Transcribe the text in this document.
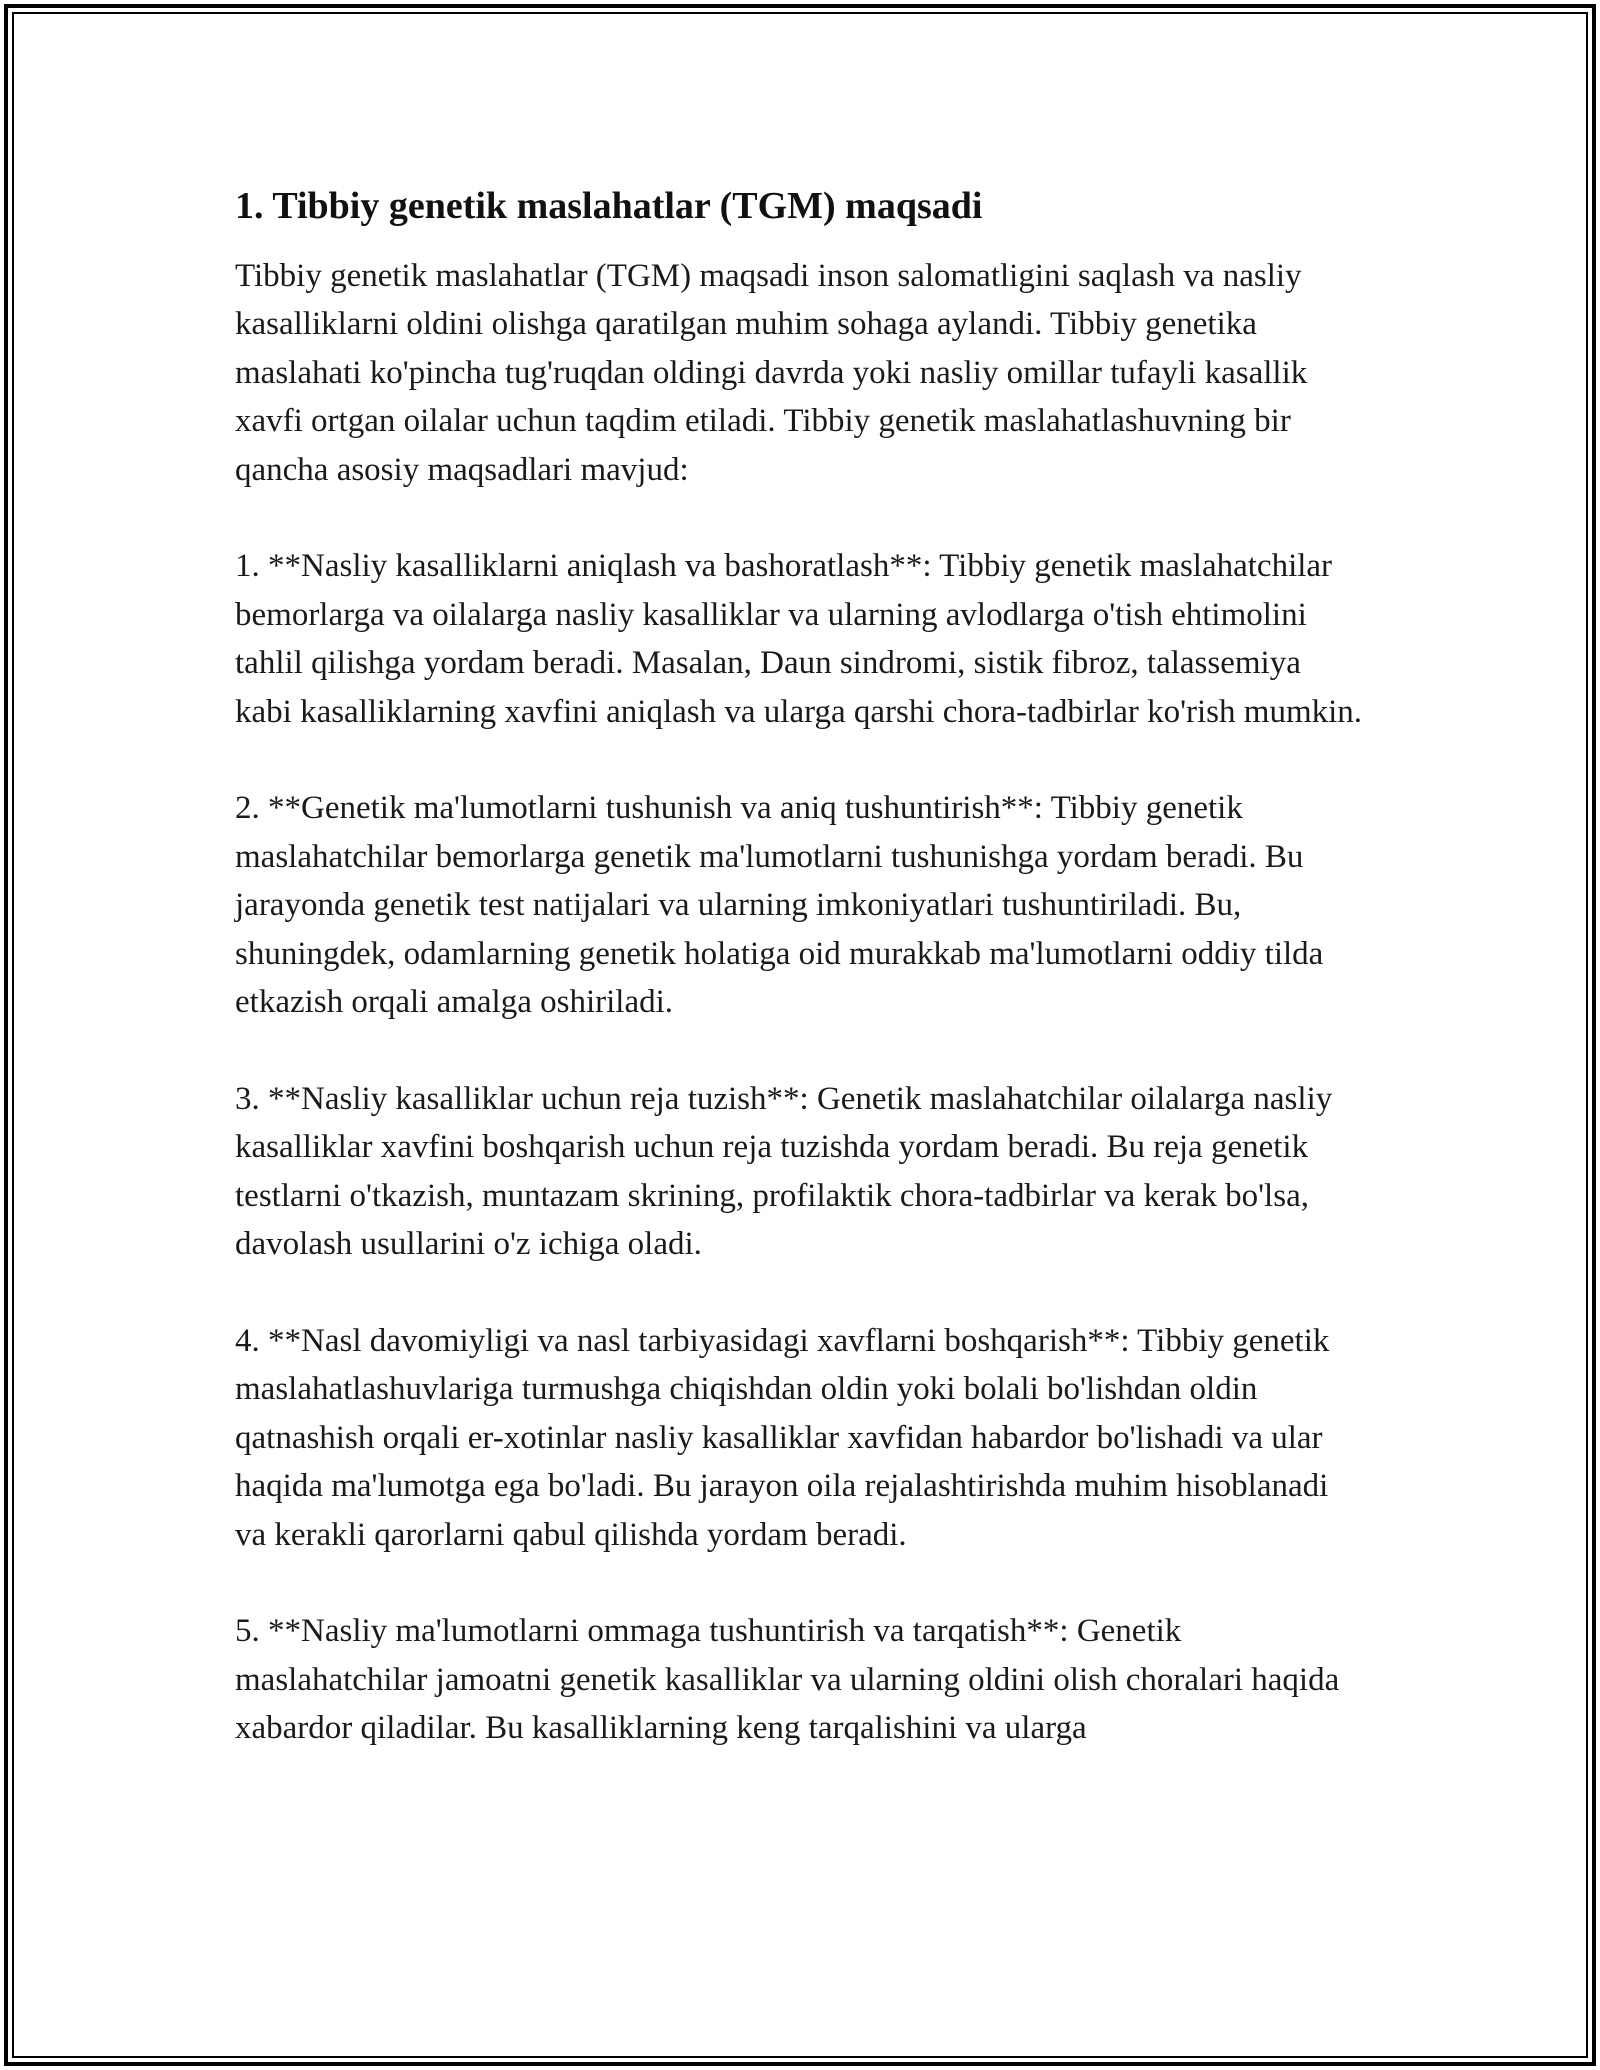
1. Tibbiy genetik maslahatlar (TGM) maqsadi

Tibbiy genetik maslahatlar (TGM) maqsadi inson salomatligini saqlash va nasliy kasalliklarni oldini olishga qaratilgan muhim sohaga aylandi. Tibbiy genetika maslahati ko'pincha tug'ruqdan oldingi davrda yoki nasliy omillar tufayli kasallik xavfi ortgan oilalar uchun taqdim etiladi. Tibbiy genetik maslahatlashuvning bir qancha asosiy maqsadlari mavjud:

1. **Nasliy kasalliklarni aniqlash va bashoratlash**: Tibbiy genetik maslahatchilar bemorlarga va oilalarga nasliy kasalliklar va ularning avlodlarga o'tish ehtimolini tahlil qilishga yordam beradi. Masalan, Daun sindromi, sistik fibroz, talassemiya kabi kasalliklarning xavfini aniqlash va ularga qarshi chora-tadbirlar ko'rish mumkin.

2. **Genetik ma'lumotlarni tushunish va aniq tushuntirish**: Tibbiy genetik maslahatchilar bemorlarga genetik ma'lumotlarni tushunishga yordam beradi. Bu jarayonda genetik test natijalari va ularning imkoniyatlari tushuntiriladi. Bu, shuningdek, odamlarning genetik holatiga oid murakkab ma'lumotlarni oddiy tilda etkazish orqali amalga oshiriladi.

3. **Nasliy kasalliklar uchun reja tuzish**: Genetik maslahatchilar oilalarga nasliy kasalliklar xavfini boshqarish uchun reja tuzishda yordam beradi. Bu reja genetik testlarni o'tkazish, muntazam skrining, profilaktik chora-tadbirlar va kerak bo'lsa, davolash usullarini o'z ichiga oladi.

4. **Nasl davomiyligi va nasl tarbiyasidagi xavflarni boshqarish**: Tibbiy genetik maslahatlashuvlariga turmushga chiqishdan oldin yoki bolali bo'lishdan oldin qatnashish orqali er-xotinlar nasliy kasalliklar xavfidan habardor bo'lishadi va ular haqida ma'lumotga ega bo'ladi. Bu jarayon oila rejalashtirishda muhim hisoblanadi va kerakli qarorlarni qabul qilishda yordam beradi.

5. **Nasliy ma'lumotlarni ommaga tushuntirish va tarqatish**: Genetik maslahatchilar jamoatni genetik kasalliklar va ularning oldini olish choralari haqida xabardor qiladilar. Bu kasalliklarning keng tarqalishini va ularga
